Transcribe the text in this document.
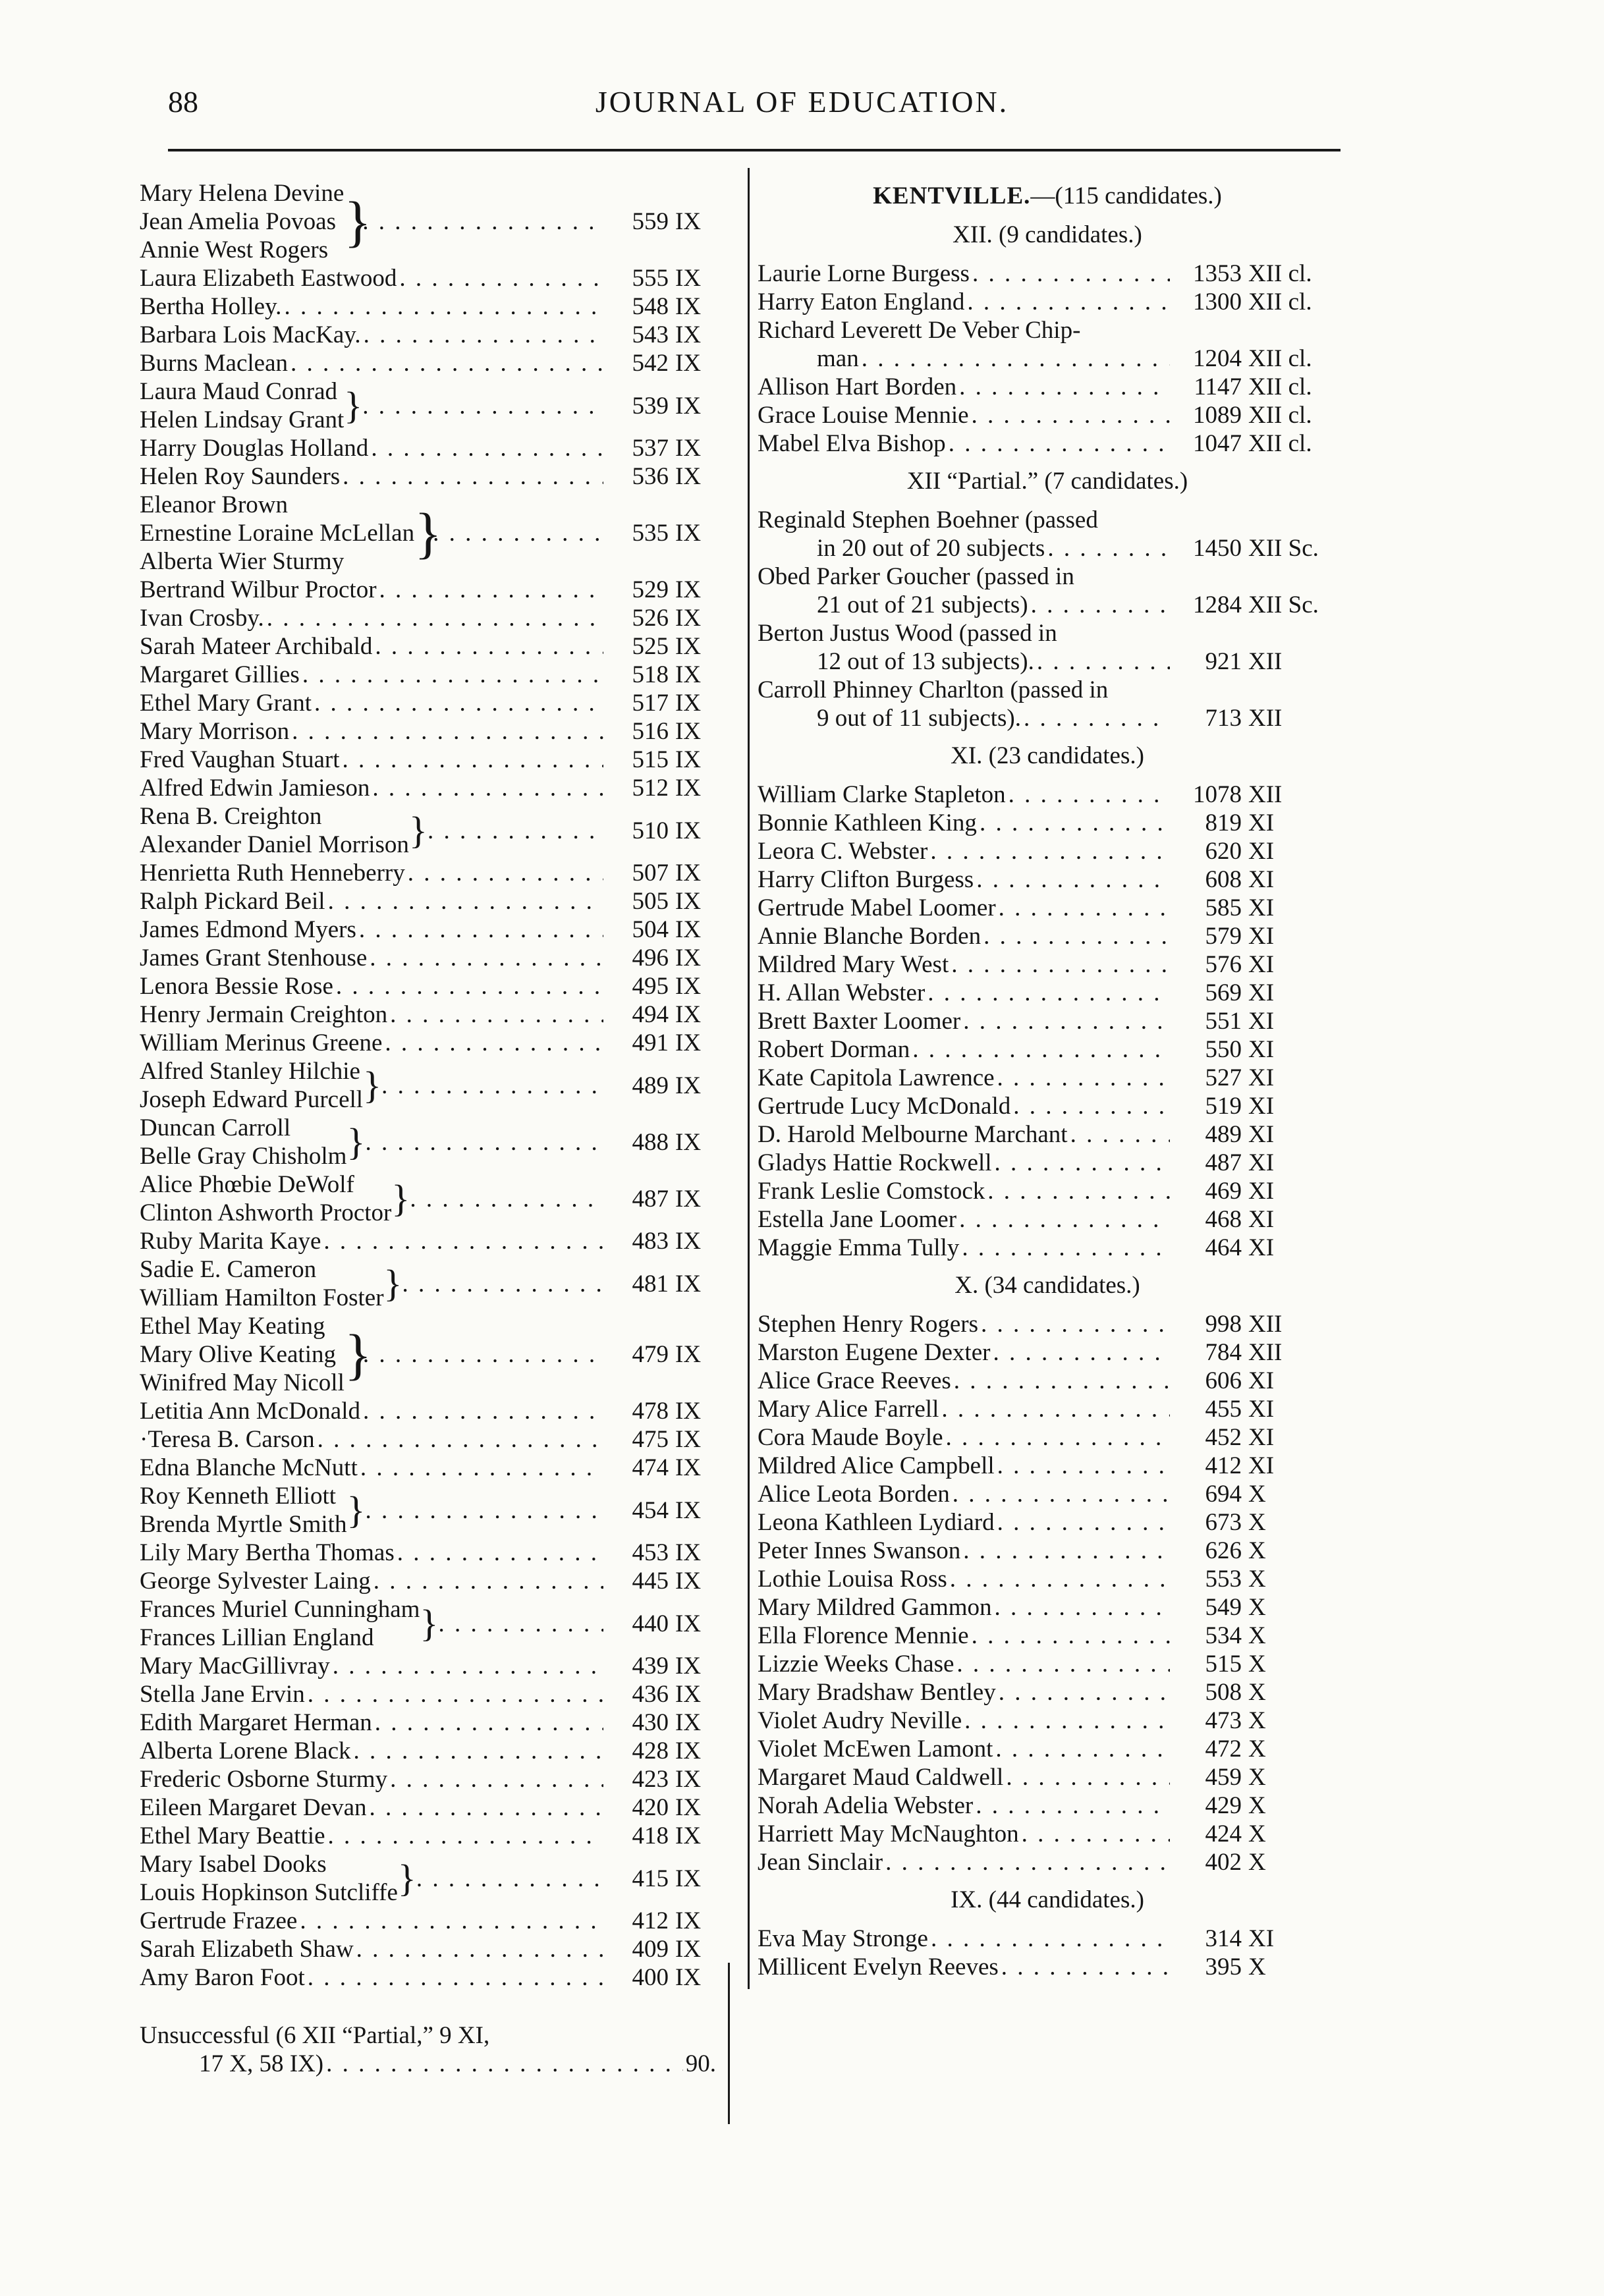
88	JOURNAL OF EDUCATION.
Mary Helena Devine
Jean Amelia Povoas
Annie West Rogers } . . .	559 IX
Laura Elizabeth Eastwood . . .	555 IX
Bertha Holley. . . .	548 IX
Barbara Lois MacKay. . . .	543 IX
Burns Maclean . . .	542 IX
Laura Maud Conrad
Helen Lindsay Grant } . . .	539 IX
Harry Douglas Holland . . .	537 IX
Helen Roy Saunders . . .	536 IX
Eleanor Brown
Ernestine Loraine McLellan
Alberta Wier Sturmy	} . . .	535 IX
Bertrand Wilbur Proctor . . .	529 IX
Ivan Crosby. . . .	526 IX
Sarah Mateer Archibald . . .	525 IX
Margaret Gillies . . .	518 IX
Ethel Mary Grant . . .	517 IX
Mary Morrison . . .	516 IX
Fred Vaughan Stuart . . .	515 IX
Alfred Edwin Jamieson . . .	512 IX
Rena B. Creighton
Alexander Daniel Morrison } . . .	510 IX
Henrietta Ruth Henneberry . . .	507 IX
Ralph Pickard Beil . . .	505 IX
James Edmond Myers . . .	504 IX
James Grant Stenhouse . . .	496 IX
Lenora Bessie Rose . . .	495 IX
Henry Jermain Creighton . . .	494 IX
William Merinus Greene . . .	491 IX
Alfred Stanley Hilchie
Joseph Edward Purcell } . . .	489 IX
Duncan Carroll
Belle Gray Chisholm } . . .	488 IX
Alice Phœbie DeWolf
Clinton Ashworth Proctor } . . .	487 IX
Ruby Marita Kaye . . .	483 IX
Sadie E. Cameron
William Hamilton Foster } . . .	481 IX
Ethel May Keating
Mary Olive Keating
Winifred May Nicoll } . . .	479 IX
Letitia Ann McDonald . . .	478 IX
·Teresa B. Carson . . .	475 IX
Edna Blanche McNutt . . .	474 IX
Roy Kenneth Elliott
Brenda Myrtle Smith } . . .	454 IX
Lily Mary Bertha Thomas . . .	453 IX
George Sylvester Laing . . .	445 IX
Frances Muriel Cunningham
Frances Lillian England	} . . .	440 IX
Mary MacGillivray . . .	439 IX
Stella Jane Ervin . . .	436 IX
Edith Margaret Herman . . .	430 IX
Alberta Lorene Black . . .	428 IX
Frederic Osborne Sturmy . . .	423 IX
Eileen Margaret Devan . . .	420 IX
Ethel Mary Beattie . . .	418 IX
Mary Isabel Dooks
Louis Hopkinson Sutcliffe } . . .	415 IX
Gertrude Frazee . . .	412 IX
Sarah Elizabeth Shaw . . .	409 IX
Amy Baron Foot . . .	400 IX
Unsuccessful (6 XII “Partial,” 9 XI,
17 X, 58 IX) . . .	90.
KENTVILLE.—(115 candidates.)
XII. (9 candidates.)
Laurie Lorne Burgess . . .	1353 XII cl.
Harry Eaton England . . .	1300 XII cl.
Richard Leverett De Veber Chip-
man . . .	1204 XII cl.
Allison Hart Borden . . .	1147 XII cl.
Grace Louise Mennie . . .	1089 XII cl.
Mabel Elva Bishop . . .	1047 XII cl.
XII “Partial.” (7 candidates.)
Reginald Stephen Boehner (passed
in 20 out of 20 subjects . . .	1450 XII Sc.
Obed Parker Goucher (passed in
21 out of 21 subjects) . . .	1284 XII Sc.
Berton Justus Wood (passed in
12 out of 13 subjects). . . .	921 XII
Carroll Phinney Charlton (passed in
9 out of 11 subjects). . . .	713 XII
XI. (23 candidates.)
William Clarke Stapleton . . .	1078 XII
Bonnie Kathleen King . . .	819 XI
Leora C. Webster . . .	620 XI
Harry Clifton Burgess . . .	608 XI
Gertrude Mabel Loomer . . .	585 XI
Annie Blanche Borden . . .	579 XI
Mildred Mary West . . .	576 XI
H. Allan Webster . . .	569 XI
Brett Baxter Loomer . . .	551 XI
Robert Dorman . . .	550 XI
Kate Capitola Lawrence . . .	527 XI
Gertrude Lucy McDonald . . .	519 XI
D. Harold Melbourne Marchant . . .	489 XI
Gladys Hattie Rockwell . . .	487 XI
Frank Leslie Comstock . . .	469 XI
Estella Jane Loomer . . .	468 XI
Maggie Emma Tully . . .	464 XI
X. (34 candidates.)
Stephen Henry Rogers . . .	998 XII
Marston Eugene Dexter . . .	784 XII
Alice Grace Reeves . . .	606 XI
Mary Alice Farrell . . .	455 XI
Cora Maude Boyle . . .	452 XI
Mildred Alice Campbell . . .	412 XI
Alice Leota Borden . . .	694 X
Leona Kathleen Lydiard . . .	673 X
Peter Innes Swanson . . .	626 X
Lothie Louisa Ross . . .	553 X
Mary Mildred Gammon . . .	549 X
Ella Florence Mennie . . .	534 X
Lizzie Weeks Chase . . .	515 X
Mary Bradshaw Bentley . . .	508 X
Violet Audry Neville . . .	473 X
Violet McEwen Lamont . . .	472 X
Margaret Maud Caldwell . . .	459 X
Norah Adelia Webster . . .	429 X
Harriett May McNaughton . . .	424 X
Jean Sinclair . . .	402 X
IX. (44 candidates.)
Eva May Stronge . . .	314 XI
Millicent Evelyn Reeves . . .	395 X
